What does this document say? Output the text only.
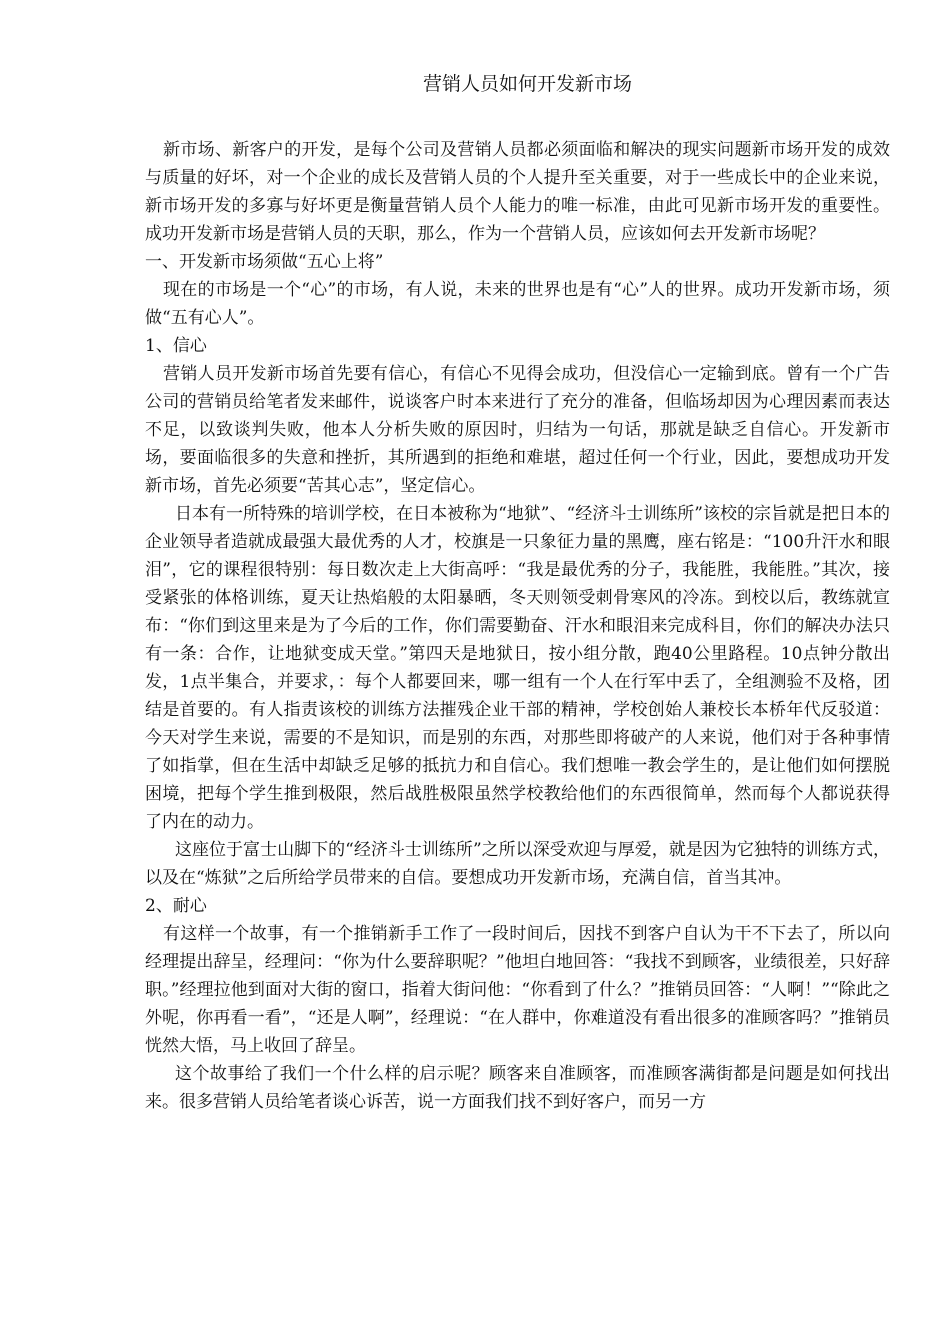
营销人员如何开发新市场

新市场、新客户的开发，是每个公司及营销人员都必须面临和解决的现实问题新市场开发的成效与质量的好坏，对一个企业的成长及营销人员的个人提升至关重要，对于一些成长中的企业来说，新市场开发的多寡与好坏更是衡量营销人员个人能力的唯一标准，由此可见新市场开发的重要性。成功开发新市场是营销人员的天职，那么，作为一个营销人员，应该如何去开发新市场呢？

一、开发新市场须做“五心上将”

现在的市场是一个“心”的市场，有人说，未来的世界也是有“心”人的世界。成功开发新市场，须做“五有心人”。

1、信心

营销人员开发新市场首先要有信心，有信心不见得会成功，但没信心一定输到底。曾有一个广告公司的营销员给笔者发来邮件，说谈客户时本来进行了充分的准备，但临场却因为心理因素而表达不足，以致谈判失败，他本人分析失败的原因时，归结为一句话，那就是缺乏自信心。开发新市场，要面临很多的失意和挫折，其所遇到的拒绝和难堪，超过任何一个行业，因此，要想成功开发新市场，首先必须要“苦其心志”，坚定信心。

日本有一所特殊的培训学校，在日本被称为“地狱”、“经济斗士训练所”该校的宗旨就是把日本的企业领导者造就成最强大最优秀的人才，校旗是一只象征力量的黑鹰，座右铭是：“100升汗水和眼泪”，它的课程很特别：每日数次走上大街高呼：“我是最优秀的分子，我能胜，我能胜。”其次，接受紧张的体格训练，夏天让热焰般的太阳暴晒，冬天则领受刺骨寒风的冷冻。到校以后，教练就宣布：“你们到这里来是为了今后的工作，你们需要勤奋、汗水和眼泪来完成科目，你们的解决办法只有一条：合作，让地狱变成天堂。”第四天是地狱日，按小组分散，跑40公里路程。10点钟分散出发，1点半集合，并要求，：每个人都要回来，哪一组有一个人在行军中丢了，全组测验不及格，团结是首要的。有人指责该校的训练方法摧残企业干部的精神，学校创始人兼校长本桥年代反驳道：今天对学生来说，需要的不是知识，而是别的东西，对那些即将破产的人来说，他们对于各种事情了如指掌，但在生活中却缺乏足够的抵抗力和自信心。我们想唯一教会学生的，是让他们如何摆脱困境，把每个学生推到极限，然后战胜极限虽然学校教给他们的东西很简单，然而每个人都说获得了内在的动力。

这座位于富士山脚下的“经济斗士训练所”之所以深受欢迎与厚爱，就是因为它独特的训练方式，以及在“炼狱”之后所给学员带来的自信。要想成功开发新市场，充满自信，首当其冲。

2、耐心

有这样一个故事，有一个推销新手工作了一段时间后，因找不到客户自认为干不下去了，所以向经理提出辞呈，经理问：“你为什么要辞职呢？”他坦白地回答：“我找不到顾客，业绩很差，只好辞职。”经理拉他到面对大街的窗口，指着大街问他：“你看到了什么？”推销员回答：“人啊！”“除此之外呢，你再看一看”，“还是人啊”，经理说：“在人群中，你难道没有看出很多的准顾客吗？”推销员恍然大悟，马上收回了辞呈。

这个故事给了我们一个什么样的启示呢？顾客来自准顾客，而准顾客满街都是问题是如何找出来。很多营销人员给笔者谈心诉苦，说一方面我们找不到好客户，而另一方
